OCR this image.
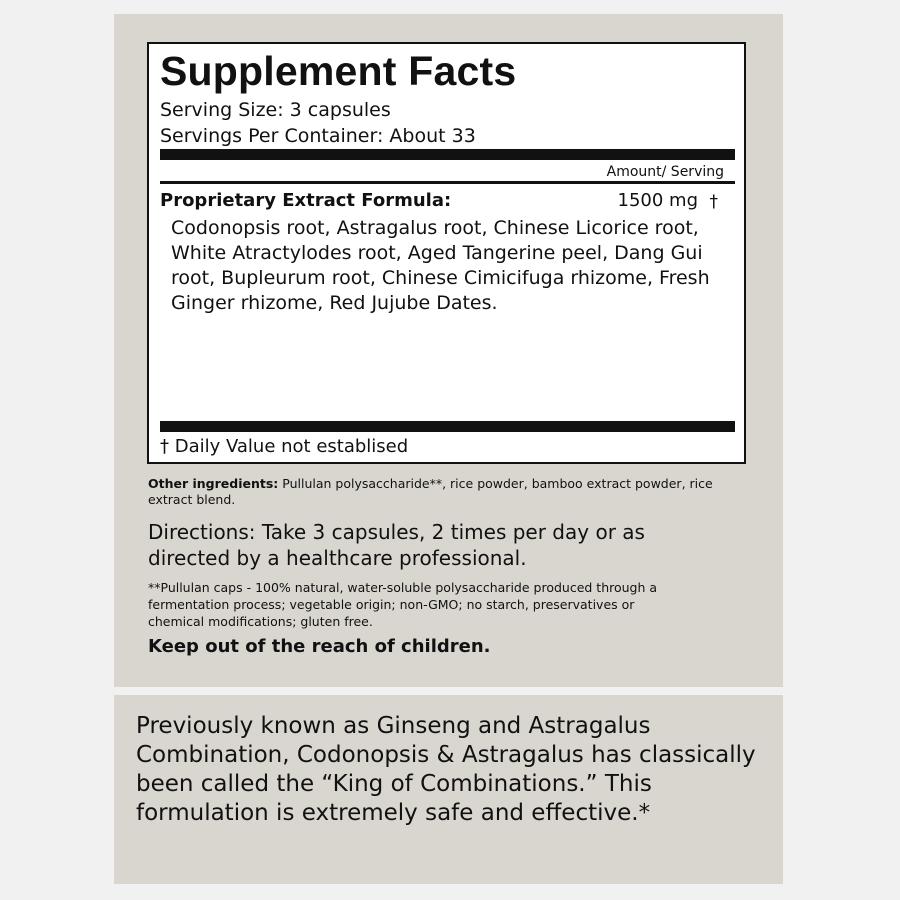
Supplement Facts
Serving Size: 3 capsules
Servings Per Container: About 33
Amount/ Serving
Proprietary Extract Formula:	1500 mg †
Codonopsis root, Astragalus root, Chinese Licorice root, White Atractylodes root, Aged Tangerine peel, Dang Gui root, Bupleurum root, Chinese Cimicifuga rhizome, Fresh Ginger rhizome, Red Jujube Dates.
† Daily Value not establised
Other ingredients: Pullulan polysaccharide**, rice powder, bamboo extract powder, rice extract blend.
Directions: Take 3 capsules, 2 times per day or as directed by a healthcare professional.
**Pullulan caps - 100% natural, water-soluble polysaccharide produced through a fermentation process; vegetable origin; non-GMO; no starch, preservatives or chemical modifications; gluten free.
Keep out of the reach of children.
Previously known as Ginseng and Astragalus Combination, Codonopsis & Astragalus has classically been called the “King of Combinations.” This formulation is extremely safe and effective.*
